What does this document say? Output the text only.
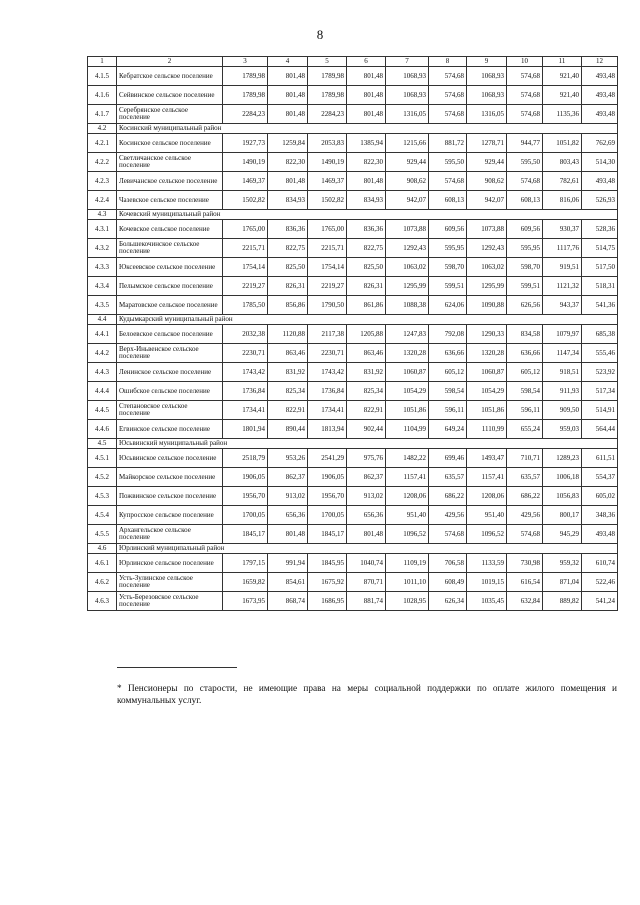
8
1	2	3	4	5	6	7	8	9	10	11	12
4.1.5	Кебратское сельское поселение	1789,98	801,48	1789,98	801,48	1068,93	574,68	1068,93	574,68	921,40	493,48
4.1.6	Сейвинское сельское поселение	1789,98	801,48	1789,98	801,48	1068,93	574,68	1068,93	574,68	921,40	493,48
4.1.7	Серебрянское сельское поселение	2284,23	801,48	2284,23	801,48	1316,05	574,68	1316,05	574,68	1135,36	493,48
4.2	Косинский муниципальный район										
4.2.1	Косинское сельское поселение	1927,73	1259,84	2053,83	1385,94	1215,66	881,72	1278,71	944,77	1051,82	762,69
4.2.2	Светличанское сельское поселение	1490,19	822,30	1490,19	822,30	929,44	595,50	929,44	595,50	803,43	514,30
4.2.3	Левичанское сельское поселение	1469,37	801,48	1469,37	801,48	908,62	574,68	908,62	574,68	782,61	493,48
4.2.4	Чазевское сельское поселение	1502,82	834,93	1502,82	834,93	942,07	608,13	942,07	608,13	816,06	526,93
4.3	Кочевский муниципальный район										
4.3.1	Кочевское сельское поселение	1765,00	836,36	1765,00	836,36	1073,88	609,56	1073,88	609,56	930,37	528,36
4.3.2	Большекочинское сельское поселение	2215,71	822,75	2215,71	822,75	1292,43	595,95	1292,43	595,95	1117,76	514,75
4.3.3	Юксеевское сельское поселение	1754,14	825,50	1754,14	825,50	1063,02	598,70	1063,02	598,70	919,51	517,50
4.3.4	Пелымское сельское поселение	2219,27	826,31	2219,27	826,31	1295,99	599,51	1295,99	599,51	1121,32	518,31
4.3.5	Маратовское сельское поселение	1785,50	856,86	1790,50	861,86	1088,38	624,06	1090,88	626,56	943,37	541,36
4.4	Кудымкарский муниципальный район										
4.4.1	Белоевское сельское поселение	2032,38	1120,88	2117,38	1205,88	1247,83	792,08	1290,33	834,58	1079,97	685,38
4.4.2	Верх-Иньвенское сельское поселение	2230,71	863,46	2230,71	863,46	1320,28	636,66	1320,28	636,66	1147,34	555,46
4.4.3	Ленинское сельское поселение	1743,42	831,92	1743,42	831,92	1060,87	605,12	1060,87	605,12	918,51	523,92
4.4.4	Ошибское сельское поселение	1736,84	825,34	1736,84	825,34	1054,29	598,54	1054,29	598,54	911,93	517,34
4.4.5	Степановское сельское поселение	1734,41	822,91	1734,41	822,91	1051,86	596,11	1051,86	596,11	909,50	514,91
4.4.6	Егвинское сельское поселение	1801,94	890,44	1813,94	902,44	1104,99	649,24	1110,99	655,24	959,03	564,44
4.5	Юсьвинский муниципальный район										
4.5.1	Юсьвинское сельское поселение	2518,79	953,26	2541,29	975,76	1482,22	699,46	1493,47	710,71	1289,23	611,51
4.5.2	Майкорское сельское поселение	1906,05	862,37	1906,05	862,37	1157,41	635,57	1157,41	635,57	1006,18	554,37
4.5.3	Пожвинское сельское поселение	1956,70	913,02	1956,70	913,02	1208,06	686,22	1208,06	686,22	1056,83	605,02
4.5.4	Купросское сельское поселение	1700,05	656,36	1700,05	656,36	951,40	429,56	951,40	429,56	800,17	348,36
4.5.5	Архангельское сельское поселение	1845,17	801,48	1845,17	801,48	1096,52	574,68	1096,52	574,68	945,29	493,48
4.6	Юрлинский муниципальный район										
4.6.1	Юрлинское сельское поселение	1797,15	991,94	1845,95	1040,74	1109,19	706,58	1133,59	730,98	959,32	610,74
4.6.2	Усть-Зулинское сельское поселение	1659,82	854,61	1675,92	870,71	1011,10	608,49	1019,15	616,54	871,04	522,46
4.6.3	Усть-Березовское сельское поселение	1673,95	868,74	1686,95	881,74	1028,95	626,34	1035,45	632,84	889,82	541,24
* Пенсионеры по старости, не имеющие права на меры социальной поддержки по оплате жилого помещения и коммунальных услуг.
